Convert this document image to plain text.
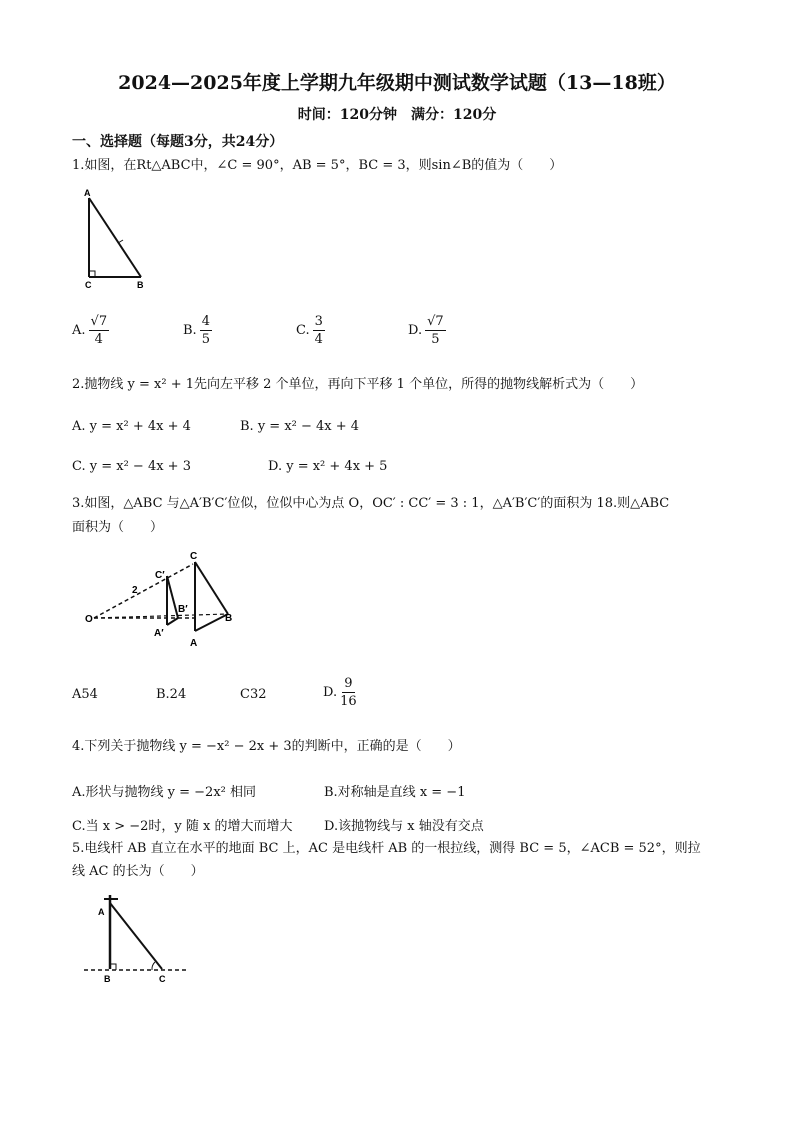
2024—2025年度上学期九年级期中测试数学试题（13—18班）
时间：120分钟　满分：120分
一、选择题（每题3分，共24分）
1.如图，在Rt△ABC中，∠C = 90°，AB = 5°，BC = 3，则sin∠B的值为（　　）
A
C	B
A. $\frac{√7}{4}$	B. $\frac{4}{5}$	C. $\frac{3}{4}$	D. $\frac{√7}{5}$
2.抛物线 y = x² + 1先向左平移 2 个单位，再向下平移 1 个单位，所得的抛物线解析式为（　　）
A. y = x² + 4x + 4	B. y = x² − 4x + 4
C. y = x² − 4x + 3	D. y = x² + 4x + 5
3.如图，△ABC 与△A′B′C′位似，位似中心为点 O，OC′ : CC′ = 3 : 1，△A′B′C′的面积为 18.则△ABC
面积为（　　）
C
C′
2
O
B′
B
A′
A
A54	B.24	C32	D. $\frac{9}{16}$
4.下列关于抛物线 y = −x² − 2x + 3的判断中，正确的是（　　）
A.形状与抛物线 y = −2x² 相同	B.对称轴是直线 x = −1
C.当 x > −2时，y 随 x 的增大而增大 D.该抛物线与 x 轴没有交点
5.电线杆 AB 直立在水平的地面 BC 上，AC 是电线杆 AB 的一根拉线，测得 BC = 5，∠ACB = 52°，则拉
线 AC 的长为（　　）
A
B	C
